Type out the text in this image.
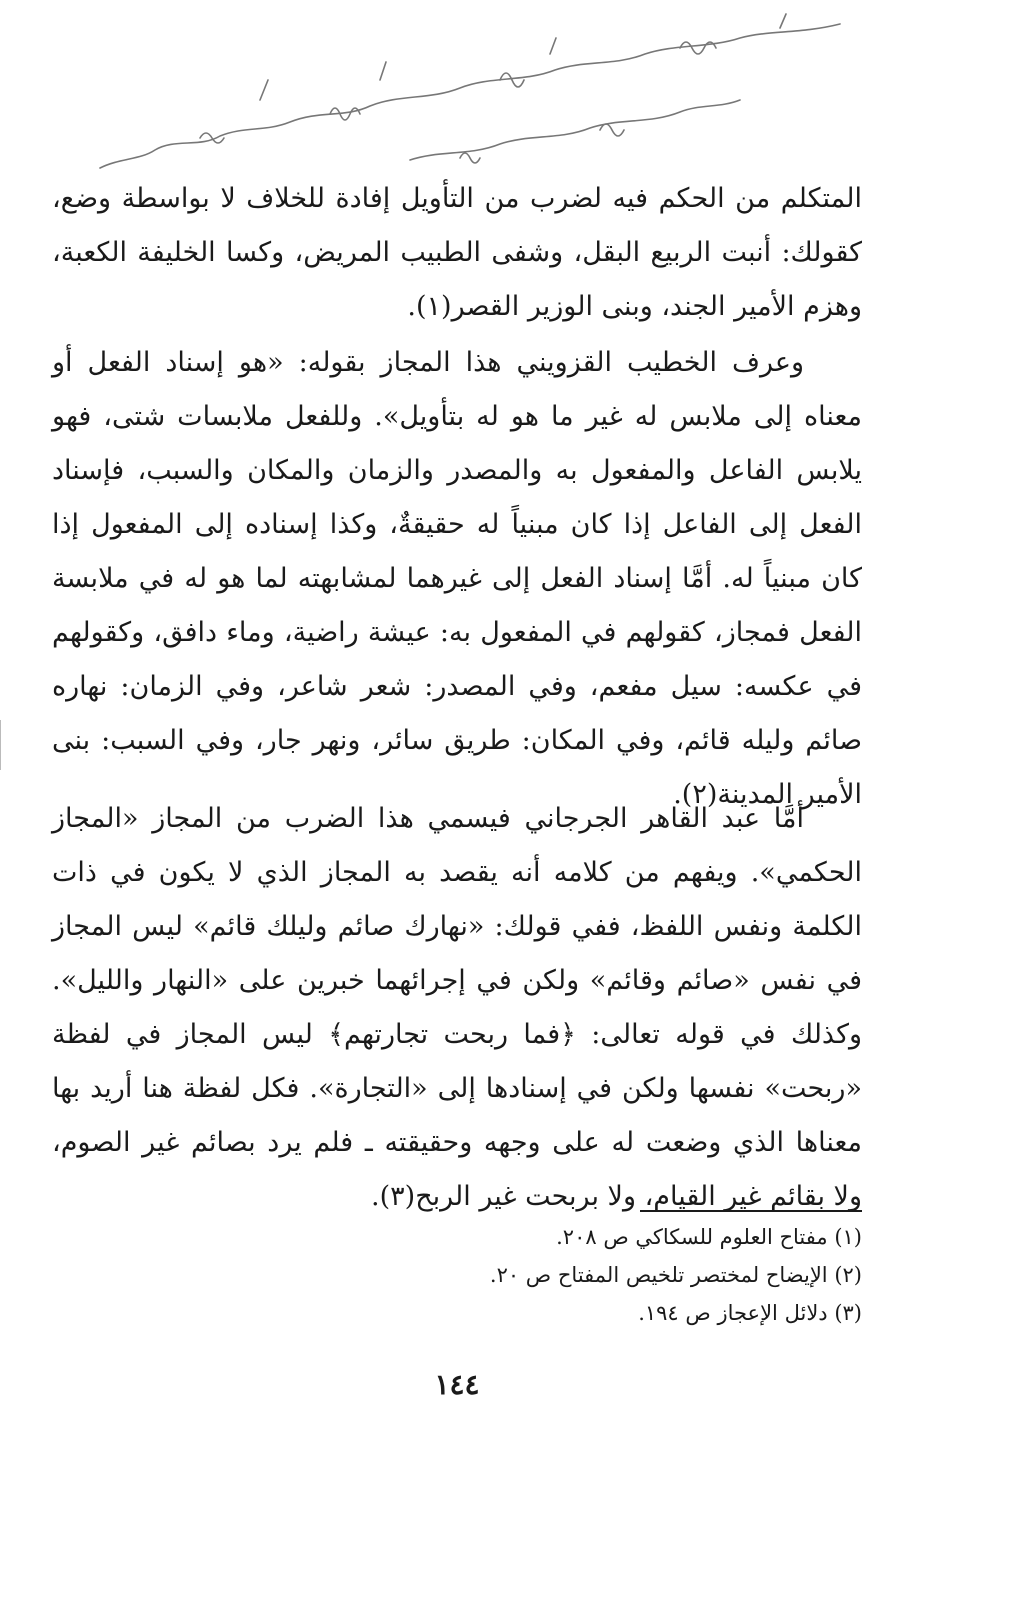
المتكلم من الحكم فيه لضرب من التأويل إفادة للخلاف لا بواسطة وضع، كقولك: أنبت الربيع البقل، وشفى الطبيب المريض، وكسا الخليفة الكعبة، وهزم الأمير الجند، وبنى الوزير القصر(١).

وعرف الخطيب القزويني هذا المجاز بقوله: «هو إسناد الفعل أو معناه إلى ملابس له غير ما هو له بتأويل». وللفعل ملابسات شتى، فهو يلابس الفاعل والمفعول به والمصدر والزمان والمكان والسبب، فإسناد الفعل إلى الفاعل إذا كان مبنياً له حقيقةٌ، وكذا إسناده إلى المفعول إذا كان مبنياً له. أمَّا إسناد الفعل إلى غيرهما لمشابهته لما هو له في ملابسة الفعل فمجاز، كقولهم في المفعول به: عيشة راضية، وماء دافق، وكقولهم في عكسه: سيل مفعم، وفي المصدر: شعر شاعر، وفي الزمان: نهاره صائم وليله قائم، وفي المكان: طريق سائر، ونهر جار، وفي السبب: بنى الأمير المدينة(٢).

أمَّا عبد القاهر الجرجاني فيسمي هذا الضرب من المجاز «المجاز الحكمي». ويفهم من كلامه أنه يقصد به المجاز الذي لا يكون في ذات الكلمة ونفس اللفظ، ففي قولك: «نهارك صائم وليلك قائم» ليس المجاز في نفس «صائم وقائم» ولكن في إجرائهما خبرين على «النهار والليل». وكذلك في قوله تعالى: ﴿فما ربحت تجارتهم﴾ ليس المجاز في لفظة «ربحت» نفسها ولكن في إسنادها إلى «التجارة». فكل لفظة هنا أريد بها معناها الذي وضعت له على وجهه وحقيقته ـ فلم يرد بصائم غير الصوم، ولا بقائم غير القيام، ولا بربحت غير الربح(٣).

(١) مفتاح العلوم للسكاكي ص ٢٠٨.
(٢) الإيضاح لمختصر تلخيص المفتاح ص ٢٠.
(٣) دلائل الإعجاز ص ١٩٤.
١٤٤
